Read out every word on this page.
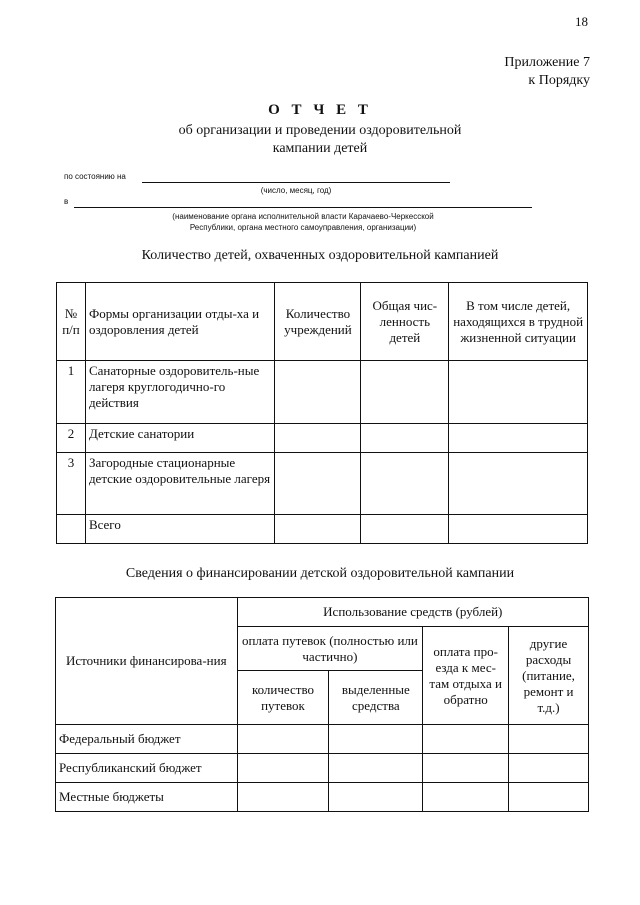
18
Приложение 7
к Порядку
О Т Ч Е Т
об организации и проведении оздоровительной
кампании детей
по состоянию на
(число, месяц, год)
в
(наименование органа исполнительной власти Карачаево-Черкесской
Республики, органа местного самоуправления, организации)
Количество детей, охваченных оздоровительной кампанией
№ п/п	Формы организации отды-ха и оздоровления детей	Количество учреждений	Общая чис-ленность детей	В том числе детей, находящихся в трудной жизненной ситуации
1	Санаторные оздоровитель-ные лагеря круглогодично-го действия			
2	Детские санатории			
3	Загородные стационарные детские оздоровительные лагеря			
	Всего			
Сведения о финансировании детской оздоровительной кампании
Источники финансирова-ния	Использование средств (рублей)			
	оплата путевок (полностью или частично)		оплата про-езда к мес-там отдыха и обратно	другие расходы (питание, ремонт и т.д.)
	количество путевок	выделенные средства		
Федеральный бюджет				
Республиканский бюджет				
Местные бюджеты				
